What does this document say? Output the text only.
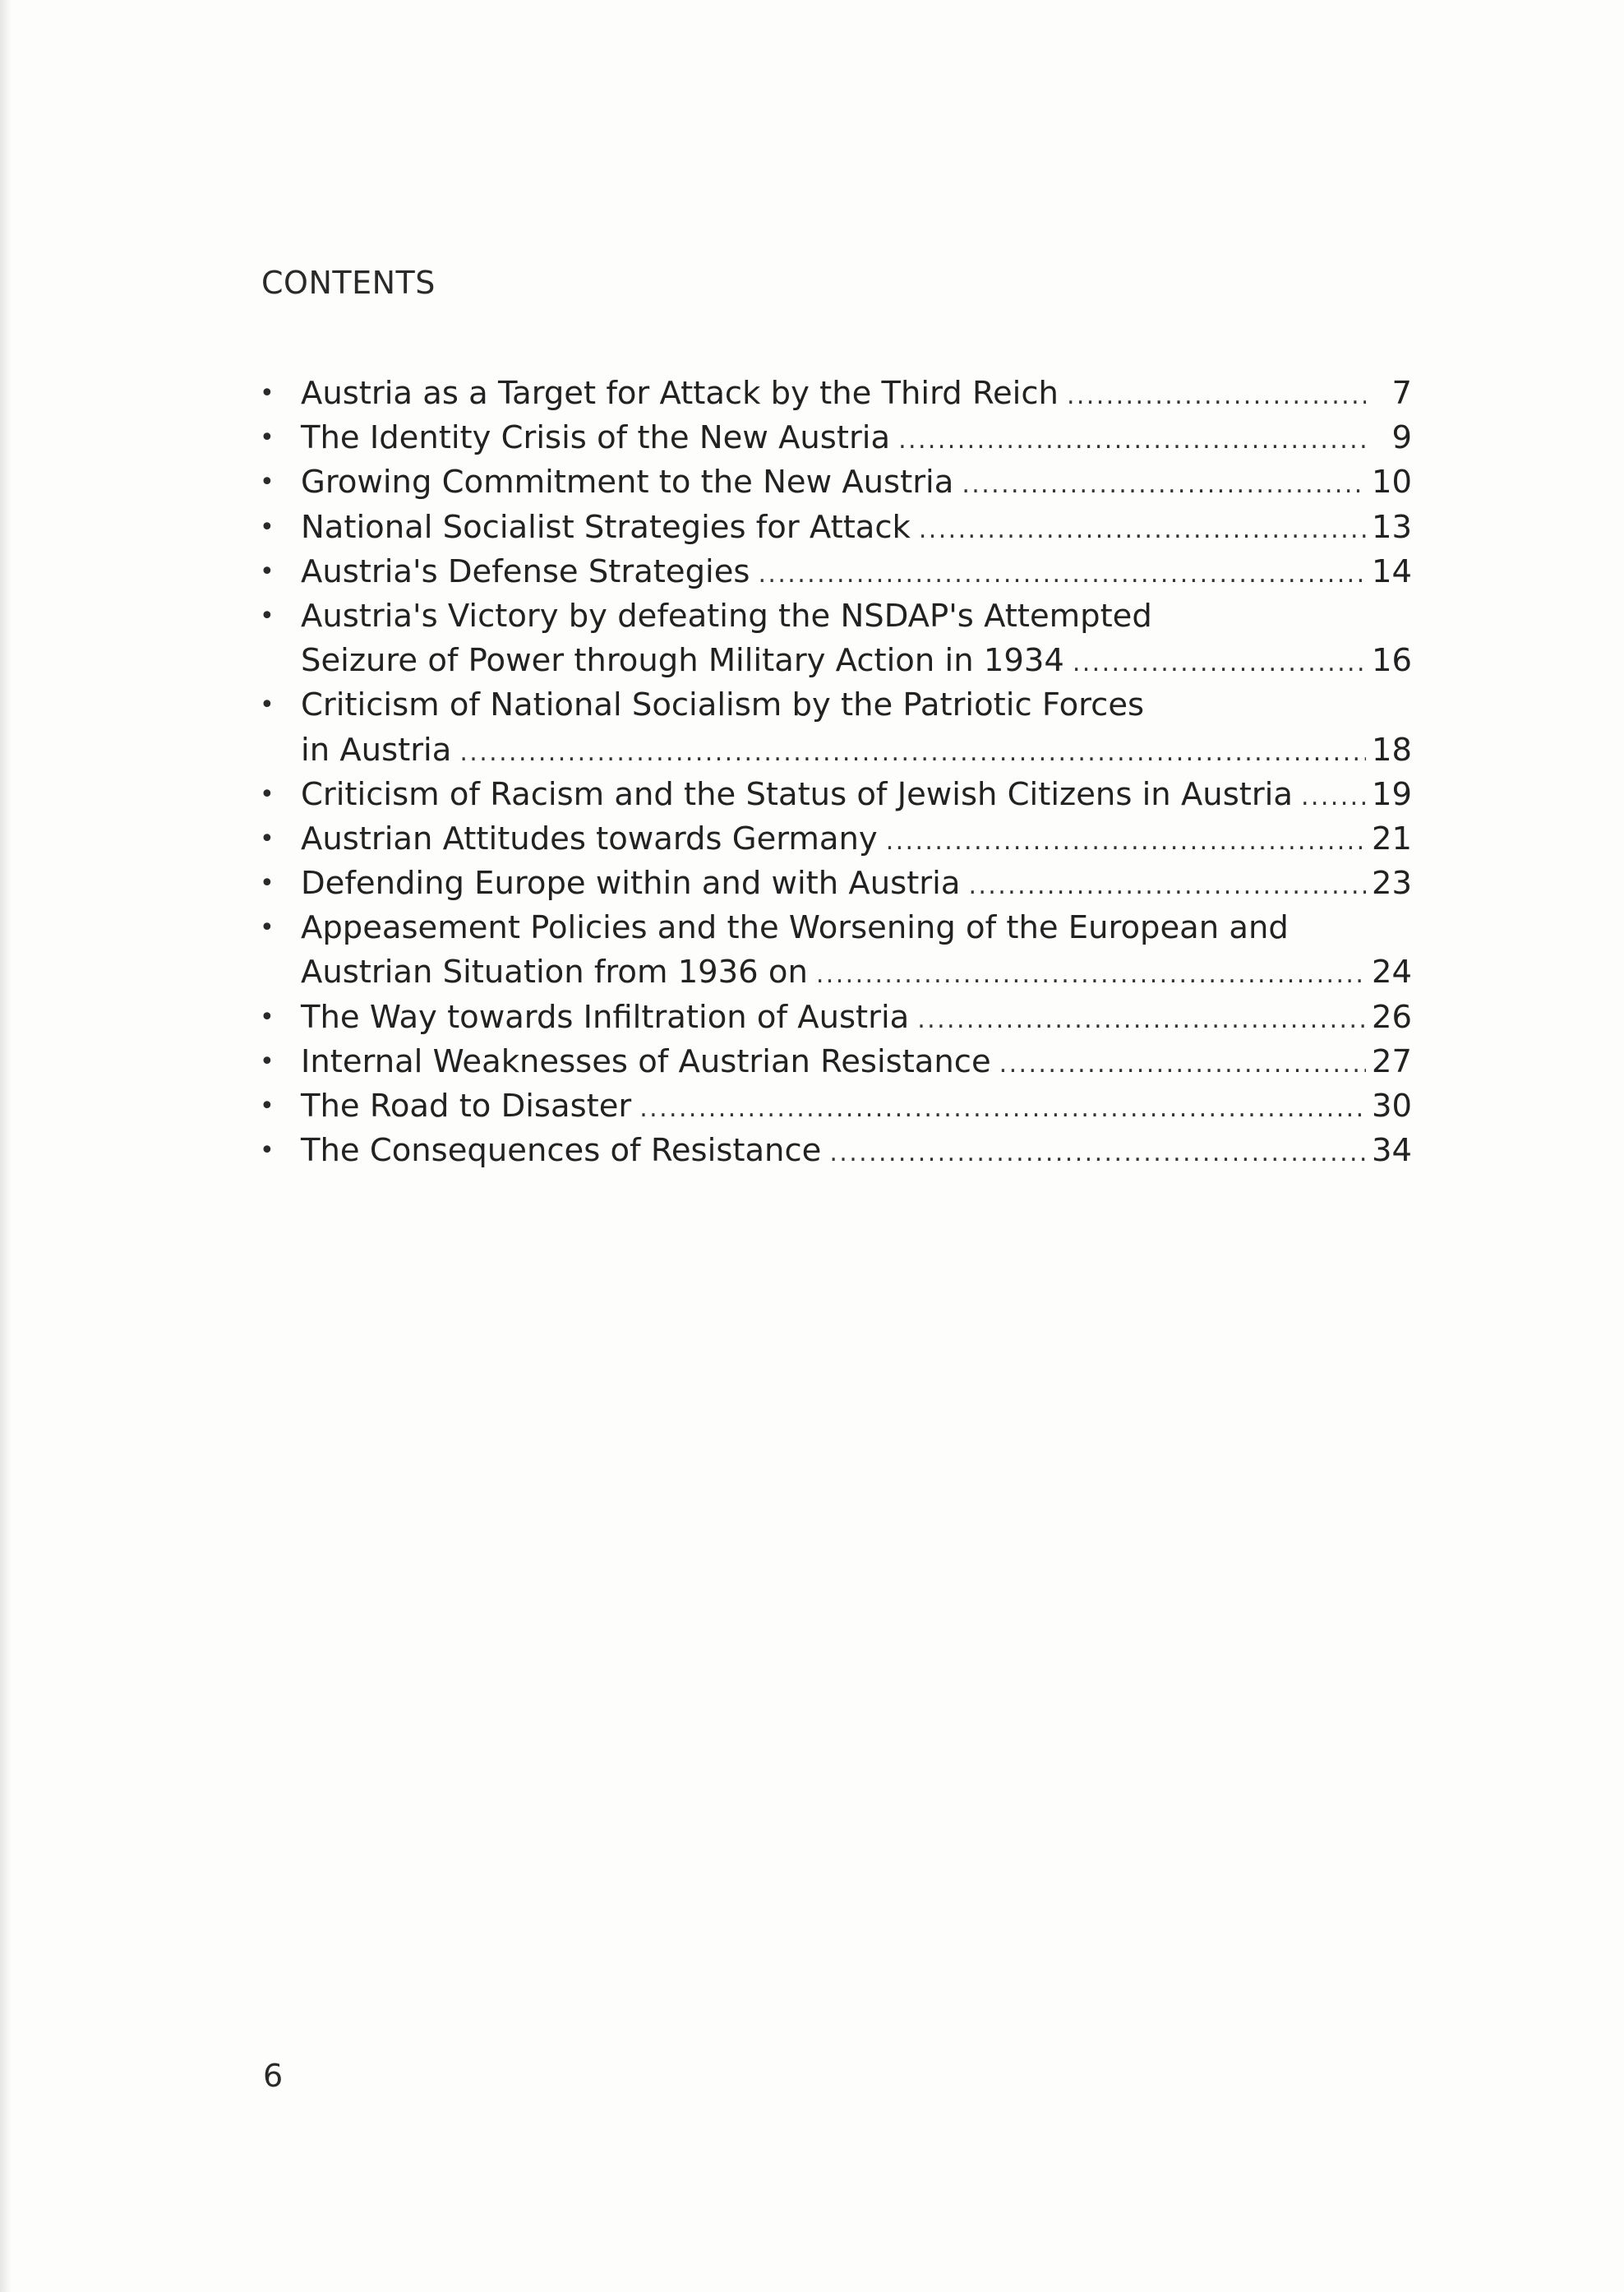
CONTENTS
• Austria as a Target for Attack by the Third Reich .....	7
• The Identity Crisis of the New Austria .....	9
• Growing Commitment to the New Austria .....	10
• National Socialist Strategies for Attack .....	13
• Austria's Defense Strategies .....	14
• Austria's Victory by defeating the NSDAP's Attempted
Seizure of Power through Military Action in 1934 .....	16
• Criticism of National Socialism by the Patriotic Forces
in Austria .....	18
• Criticism of Racism and the Status of Jewish Citizens in Austria .....	19
• Austrian Attitudes towards Germany .....	21
• Defending Europe within and with Austria .....	23
• Appeasement Policies and the Worsening of the European and
Austrian Situation from 1936 on .....	24
• The Way towards Infiltration of Austria .....	26
• Internal Weaknesses of Austrian Resistance .....	27
• The Road to Disaster .....	30
• The Consequences of Resistance .....	34
6
